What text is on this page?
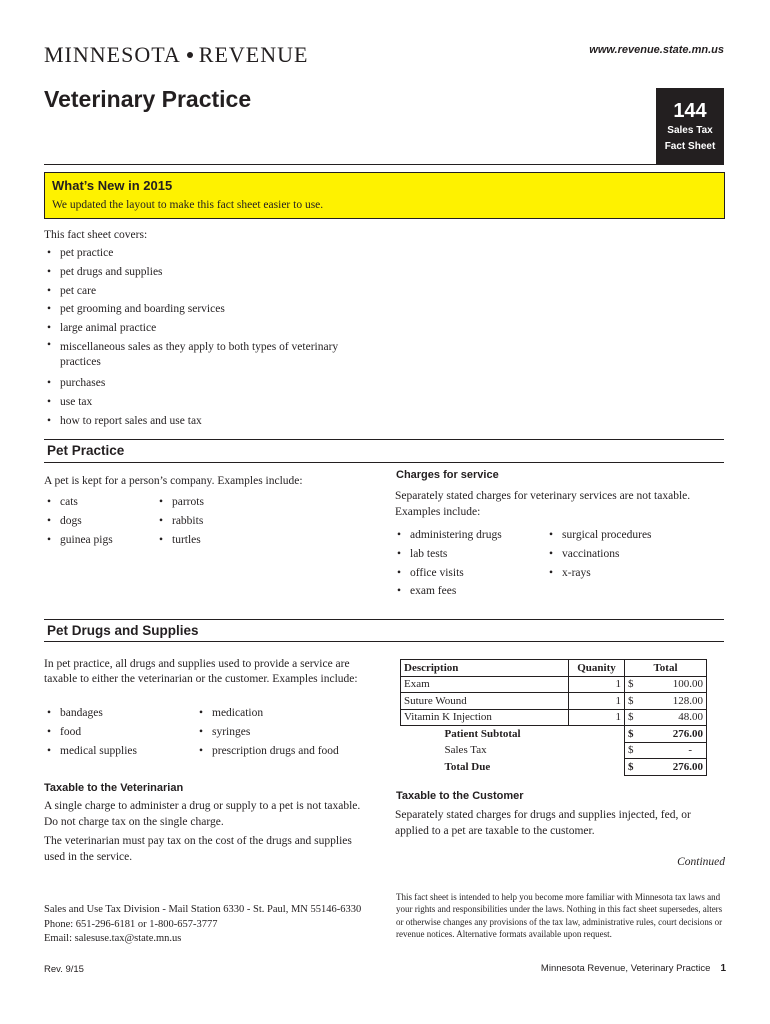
MINNESOTA REVENUE	www.revenue.state.mn.us
Veterinary Practice	144
Sales Tax
Fact Sheet
What’s New in 2015
We updated the layout to make this fact sheet easier to use.
This fact sheet covers:
• pet practice
• pet drugs and supplies
• pet care
• pet grooming and boarding services
• large animal practice
• miscellaneous sales as they apply to both types of veterinary practices
• purchases
• use tax
• how to report sales and use tax
Pet Practice
A pet is kept for a person’s company. Examples include:
• cats
• dogs
• guinea pigs
• parrots
• rabbits
• turtles
Charges for service
Separately stated charges for veterinary services are not taxable. Examples include:
• administering drugs
• lab tests
• office visits
• exam fees
• surgical procedures
• vaccinations
• x-rays
Pet Drugs and Supplies
In pet practice, all drugs and supplies used to provide a service are taxable to either the veterinarian or the customer. Examples include:
• bandages
• food
• medical supplies
• medication
• syringes
• prescription drugs and food
Taxable to the Veterinarian
A single charge to administer a drug or supply to a pet is not taxable. Do not charge tax on the single charge.
The veterinarian must pay tax on the cost of the drugs and supplies used in the service.
Taxable to the Customer
Separately stated charges for drugs and supplies injected, fed, or applied to a pet are taxable to the customer.
Continued
Description	Quanity	Total	
Exam	1	$	100.00
Suture Wound	1	$	128.00
Vitamin K Injection	1	$	48.00
Patient Subtotal		$	276.00
Sales Tax		$	-
Total Due		$	276.00
Sales and Use Tax Division - Mail Station 6330 - St. Paul, MN 55146-6330
Phone: 651-296-6181 or 1-800-657-3777
Email: salesuse.tax@state.mn.us
This fact sheet is intended to help you become more familiar with Minnesota tax laws and your rights and responsibilities under the laws. Nothing in this fact sheet supersedes, alters or otherwise changes any provisions of the tax law, administrative rules, court decisions or revenue notices. Alternative formats available upon request.
Rev. 9/15	Minnesota Revenue, Veterinary Practice 1
